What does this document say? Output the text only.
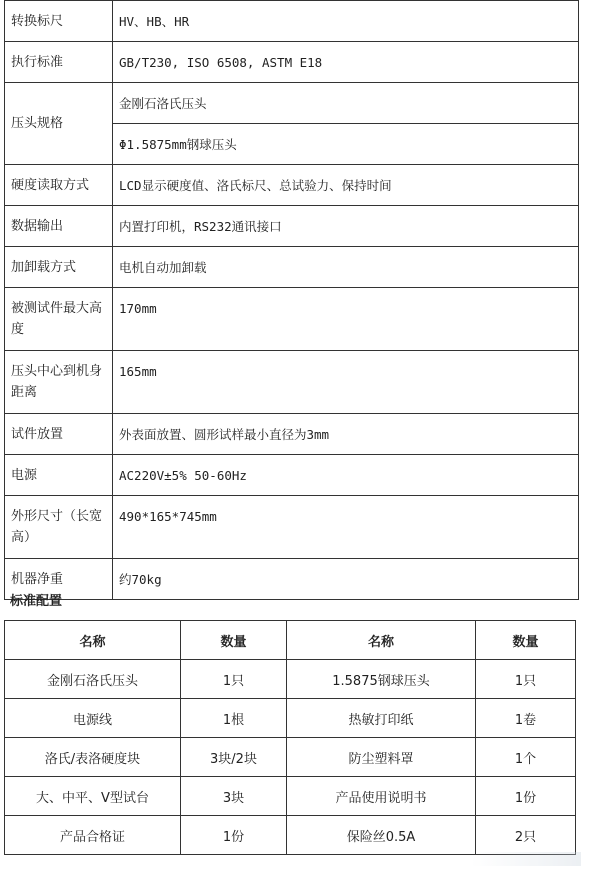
转换标尺	HV、HB、HR
执行标准	GB/T230, ISO 6508, ASTM E18
压头规格	金刚石洛氏压头
	Φ1.5875mm钢球压头
硬度读取方式	LCD显示硬度值、洛氏标尺、总试验力、保持时间
数据输出	内置打印机，RS232通讯接口
加卸载方式	电机自动加卸载
被测试件最大高度	170mm
压头中心到机身距离	165mm
试件放置	外表面放置、圆形试样最小直径为3mm
电源	AC220V±5% 50-60Hz
外形尺寸（长宽高）	490*165*745mm
机器净重	约70kg
标准配置
名称	数量	名称	数量
金刚石洛氏压头	1只	1.5875钢球压头	1只
电源线	1根	热敏打印纸	1卷
洛氏/表洛硬度块	3块/2块	防尘塑料罩	1个
大、中平、V型试台	3块	产品使用说明书	1份
产品合格证	1份	保险丝0.5A	2只
